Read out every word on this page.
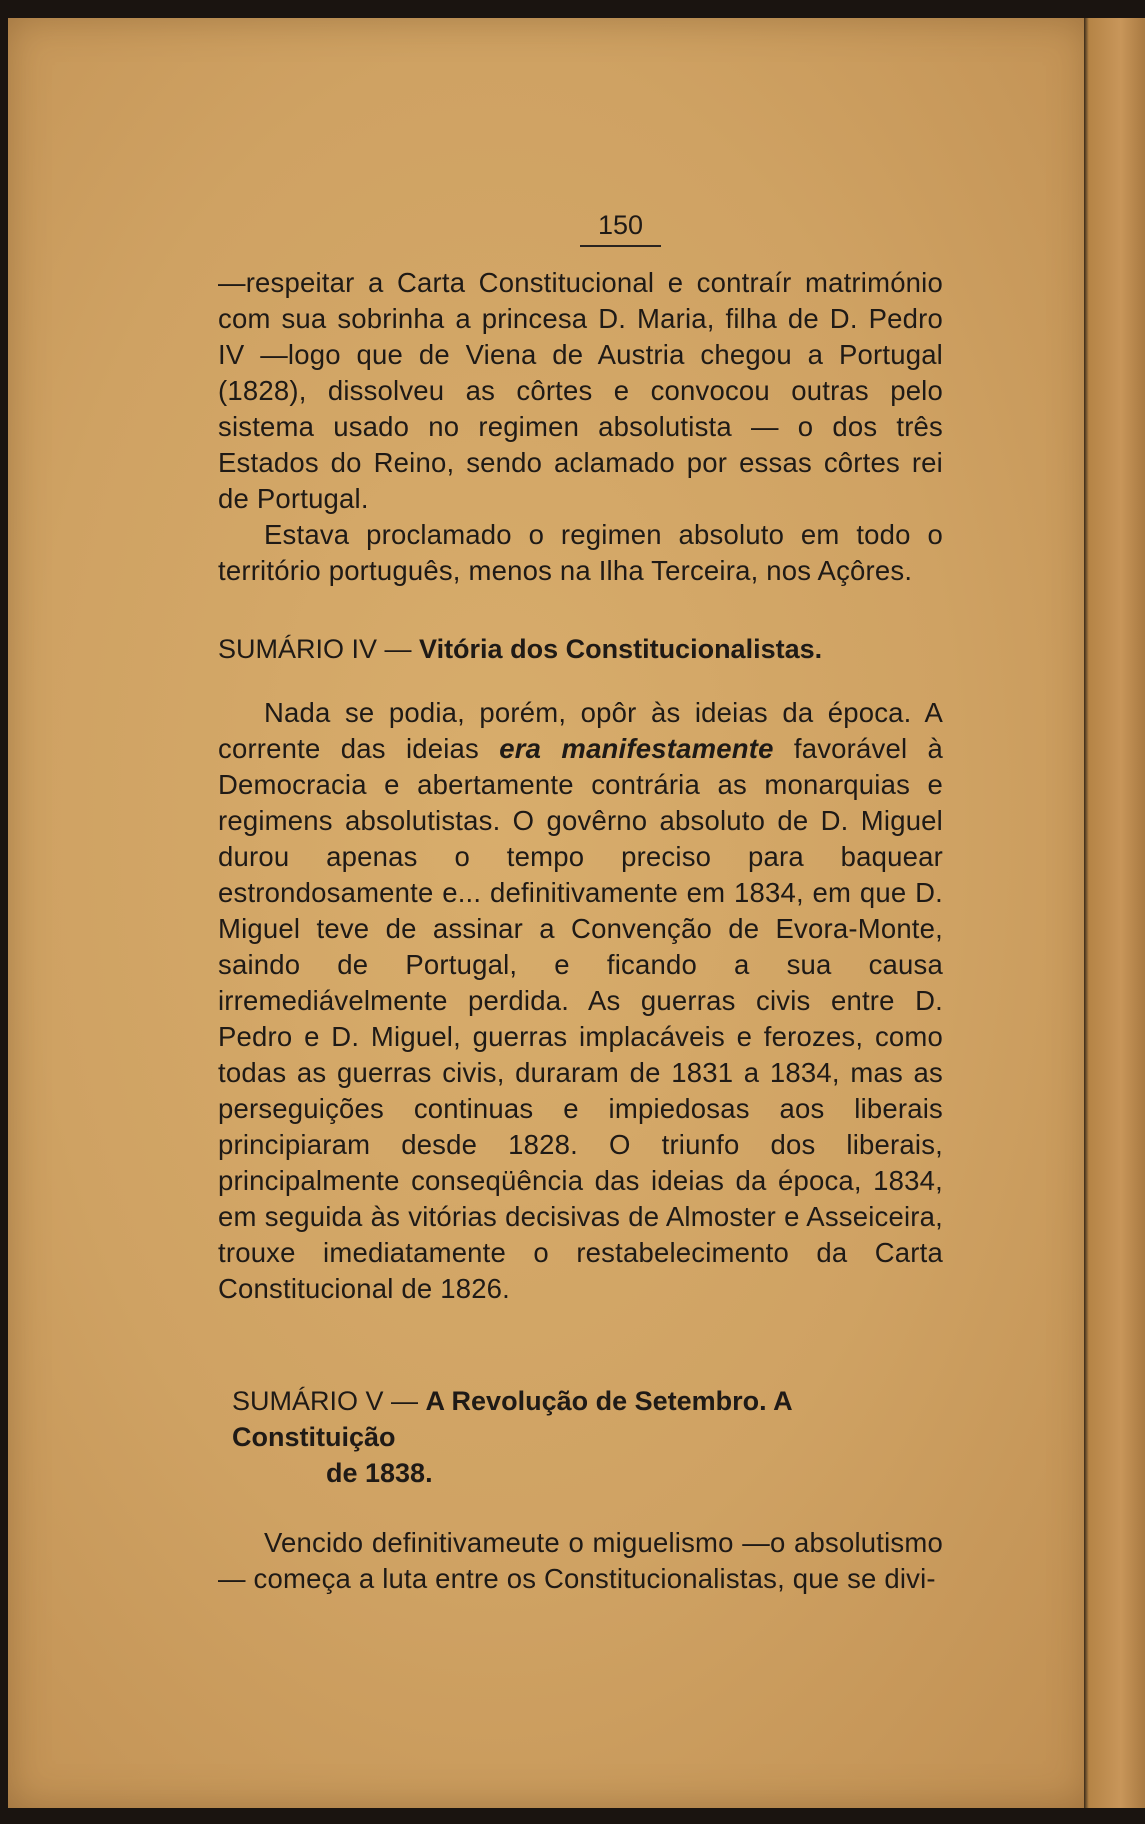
150

—respeitar a Carta Constitucional e contraír matrimónio com sua sobrinha a princesa D. Maria, filha de D. Pedro IV —logo que de Viena de Austria chegou a Portugal (1828), dissolveu as côrtes e convocou outras pelo sistema usado no regimen absolutista — o dos três Estados do Reino, sendo aclamado por essas côrtes rei de Portugal.

Estava proclamado o regimen absoluto em todo o território português, menos na Ilha Terceira, nos Açôres.

SUMÁRIO IV — Vitória dos Constitucionalistas.

Nada se podia, porém, opôr às ideias da época. A corrente das ideias era manifestamente favorável à Democracia e abertamente contrária as monarquias e regimens absolutistas. O govêrno absoluto de D. Miguel durou apenas o tempo preciso para baquear estrondosamente e... definitivamente em 1834, em que D. Miguel teve de assinar a Convenção de Evora-Monte, saindo de Portugal, e ficando a sua causa irremediávelmente perdida. As guerras civis entre D. Pedro e D. Miguel, guerras implacáveis e ferozes, como todas as guerras civis, duraram de 1831 a 1834, mas as perseguições continuas e impiedosas aos liberais principiaram desde 1828. O triunfo dos liberais, principalmente conseqüência das ideias da época, 1834, em seguida às vitórias decisivas de Almoster e Asseiceira, trouxe imediatamente o restabelecimento da Carta Constitucional de 1826.

SUMÁRIO V — A Revolução de Setembro. A Constituição
de 1838.

Vencido definitivameute o miguelismo —o absolutismo — começa a luta entre os Constitucionalistas, que se divi-
